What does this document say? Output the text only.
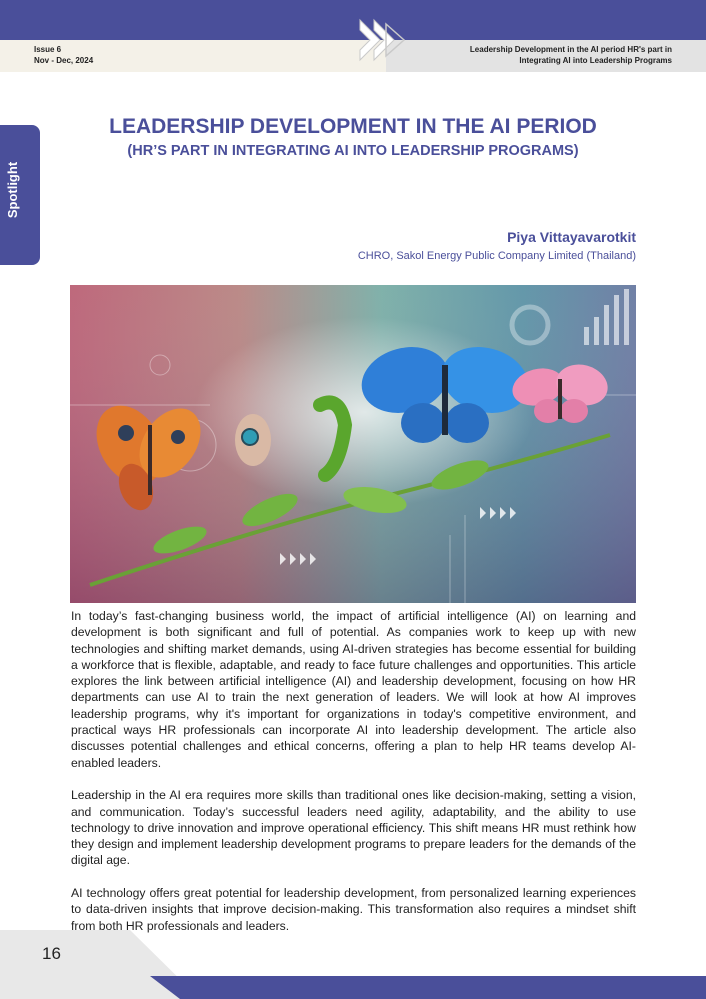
Issue 6
Nov - Dec, 2024
Leadership Development in the AI period HR's part in
Integrating AI into Leadership Programs
Spotlight
LEADERSHIP DEVELOPMENT IN THE AI PERIOD
(HR’S PART IN INTEGRATING AI INTO LEADERSHIP PROGRAMS)
Piya Vittayavarotkit
CHRO, Sakol Energy Public Company Limited (Thailand)

In today’s fast-changing business world, the impact of artificial intelligence (AI) on learning and development is both significant and full of potential. As companies work to keep up with new technologies and shifting market demands, using AI-driven strategies has become essential for building a workforce that is flexible, adaptable, and ready to face future challenges and opportunities. This article explores the link between artificial intelligence (AI) and leadership development, focusing on how HR departments can use AI to train the next generation of leaders. We will look at how AI improves leadership programs, why it's important for organizations in today's competitive environment, and practical ways HR professionals can incorporate AI into leadership development. The article also discusses potential challenges and ethical concerns, offering a plan to help HR teams develop AI-enabled leaders.

Leadership in the AI era requires more skills than traditional ones like decision-making, setting a vision, and communication. Today’s successful leaders need agility, adaptability, and the ability to use technology to drive innovation and improve operational efficiency. This shift means HR must rethink how they design and implement leadership development programs to prepare leaders for the demands of the digital age.

AI technology offers great potential for leadership development, from personalized learning experiences to data-driven insights that improve decision-making. This transformation also requires a mindset shift from both HR professionals and leaders.

16
